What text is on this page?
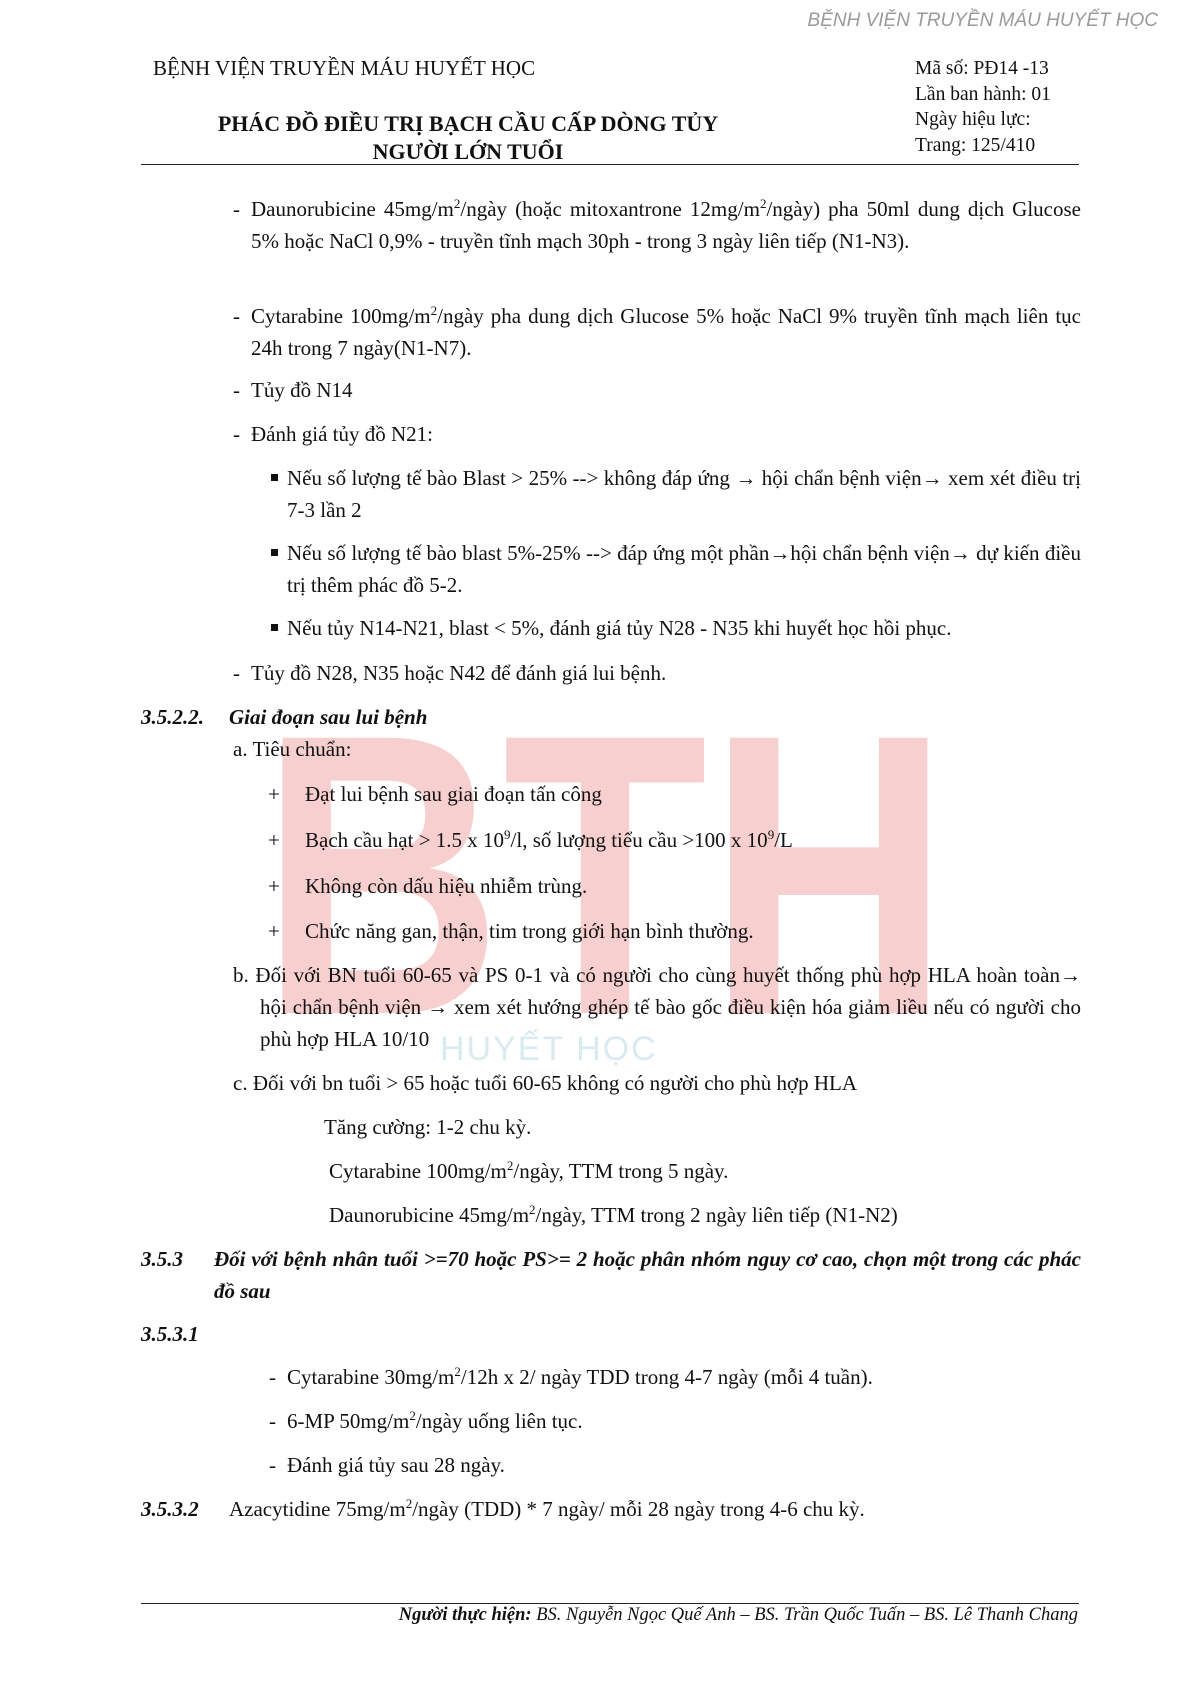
BỆNH VIỆN TRUYỀN MÁU HUYẾT HỌC
BỆNH VIỆN TRUYỀN MÁU HUYẾT HỌC
PHÁC ĐỒ ĐIỀU TRỊ BẠCH CẦU CẤP DÒNG TỦY
NGƯỜI LỚN TUỔI
Mã số: PĐ14 -13
Lần ban hành: 01
Ngày hiệu lực:
Trang: 125/410
BTH
HUYẾT HỌC
- Daunorubicine $45mg/m^2$/ngày (hoặc mitoxantrone $12mg/m^2/ngày$) pha 50ml dung dịch Glucose 5% hoặc NaCl 0,9% - truyền tĩnh mạch 30ph - trong 3 ngày liên tiếp (N1-N3).
- Cytarabine $100mg/m^2$/ngày pha dung dịch Glucose 5% hoặc NaCl 9% truyền tĩnh mạch liên tục 24h trong 7 ngày(N1-N7).
- Tủy đồ N14
- Đánh giá tủy đồ N21:
Nếu số lượng tế bào Blast > 25% --> không đáp ứng → hội chẩn bệnh viện→ xem xét điều trị 7-3 lần 2
Nếu số lượng tế bào blast 5%-25% --> đáp ứng một phần→hội chẩn bệnh viện→ dự kiến điều trị thêm phác đồ 5-2.
Nếu tủy N14-N21, blast < 5%, đánh giá tủy N28 - N35 khi huyết học hồi phục.
- Tủy đồ N28, N35 hoặc N42 để đánh giá lui bệnh.
3.5.2.2. Giai đoạn sau lui bệnh
a. Tiêu chuẩn:
+ Đạt lui bệnh sau giai đoạn tấn công
+ Bạch cầu hạt > 1.5 x $10^9/l$, số lượng tiểu cầu >100 x $10^9/L$
+ Không còn dấu hiệu nhiễm trùng.
+ Chức năng gan, thận, tim trong giới hạn bình thường.
b. Đối với BN tuổi 60-65 và PS 0-1 và có người cho cùng huyết thống phù hợp HLA hoàn toàn→ hội chẩn bệnh viện → xem xét hướng ghép tế bào gốc điều kiện hóa giảm liều nếu có người cho phù hợp HLA 10/10
c. Đối với bn tuổi > 65 hoặc tuổi 60-65 không có người cho phù hợp HLA
Tăng cường: 1-2 chu kỳ.
Cytarabine $100mg/m^2$/ngày, TTM trong 5 ngày.
Daunorubicine $45mg/m^2$/ngày, TTM trong 2 ngày liên tiếp (N1-N2)
3.5.3 Đối với bệnh nhân tuổi >=70 hoặc PS>= 2 hoặc phân nhóm nguy cơ cao, chọn một trong các phác đồ sau
3.5.3.1
- Cytarabine $30mg/m^2/12h$ x 2/ ngày TDD trong 4-7 ngày (mỗi 4 tuần).
- 6-MP $50mg/m^2$/ngày uống liên tục.
- Đánh giá tủy sau 28 ngày.
3.5.3.2 Azacytidine $75mg/m^2$/ngày (TDD) * 7 ngày/ mỗi 28 ngày trong 4-6 chu kỳ.
Người thực hiện: BS. Nguyễn Ngọc Quế Anh – BS. Trần Quốc Tuấn – BS. Lê Thanh Chang
